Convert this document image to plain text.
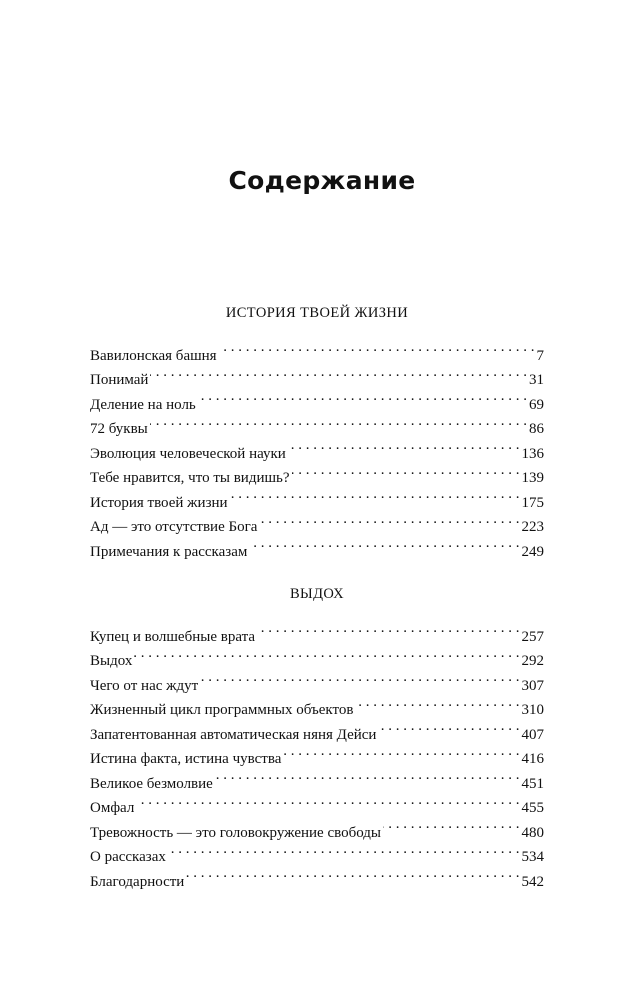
Содержание
ИСТОРИЯ ТВОЕЙ ЖИЗНИ
Вавилонская башня . . .	7
Понимай . . .	31
Деление на ноль . . .	69
72 буквы . . .	86
Эволюция человеческой науки . . .	136
Тебе нравится, что ты видишь? . . .	139
История твоей жизни . . .	175
Ад — это отсутствие Бога . . .	223
Примечания к рассказам . . .	249
ВЫДОХ
Купец и волшебные врата . . .	257
Выдох . . .	292
Чего от нас ждут . . .	307
Жизненный цикл программных объектов . . .	310
Запатентованная автоматическая няня Дейси . . .	407
Истина факта, истина чувства . . .	416
Великое безмолвие . . .	451
Омфал . . .	455
Тревожность — это головокружение свободы . . .	480
О рассказах . . .	534
Благодарности . . .	542
